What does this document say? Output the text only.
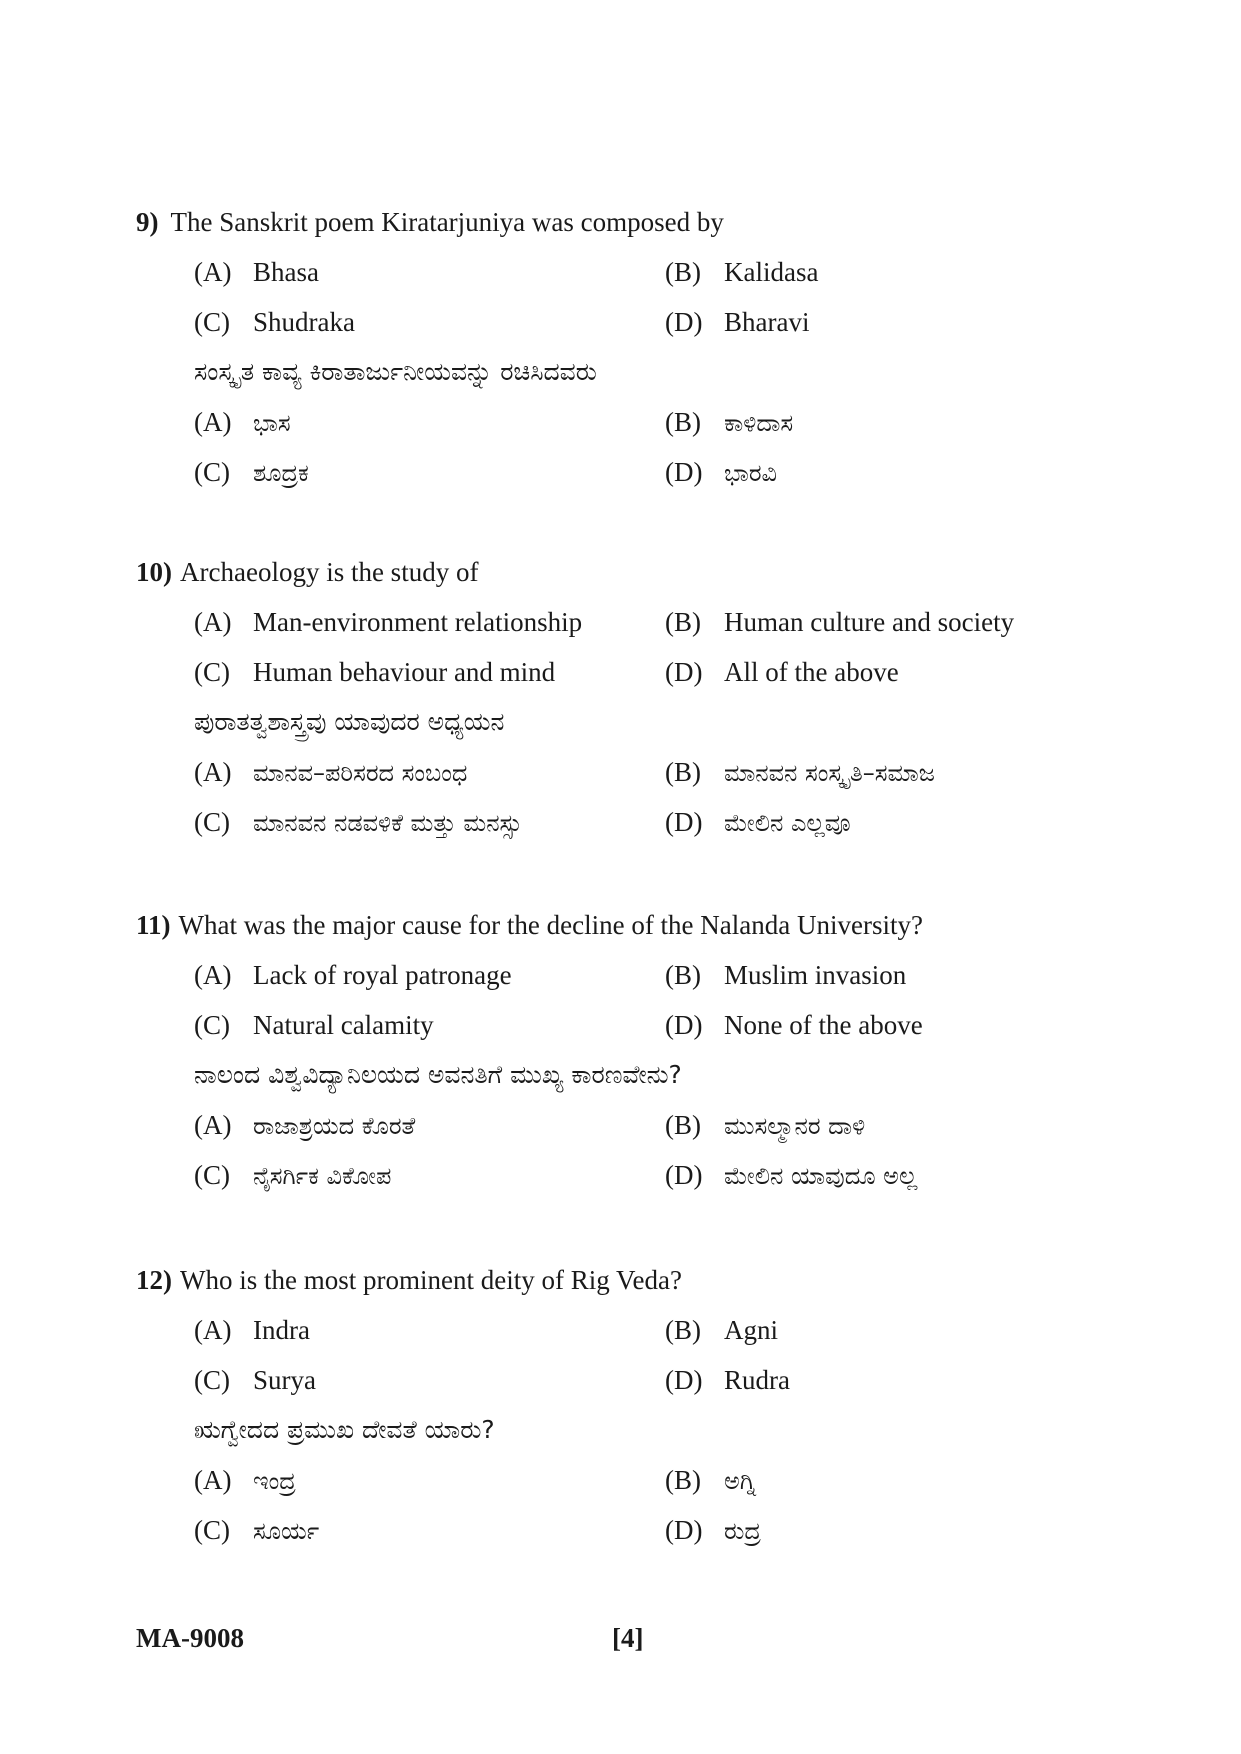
9) The Sanskrit poem Kiratarjuniya was composed by
(A) Bhasa	(B) Kalidasa
(C) Shudraka	(D) Bharavi
ಸಂಸ್ಕೃತ ಕಾವ್ಯ ಕಿರಾತಾರ್ಜುನೀಯವನ್ನು ರಚಿಸಿದವರು
(A) ಭಾಸ	(B) ಕಾಳಿದಾಸ
(C) ಶೂದ್ರಕ	(D) ಭಾರವಿ
10) Archaeology is the study of
(A) Man-environment relationship	(B) Human culture and society
(C) Human behaviour and mind	(D) All of the above
ಪುರಾತತ್ವಶಾಸ್ತ್ರವು ಯಾವುದರ ಅಧ್ಯಯನ
(A) ಮಾನವ–ಪರಿಸರದ ಸಂಬಂಧ	(B) ಮಾನವನ ಸಂಸ್ಕೃತಿ–ಸಮಾಜ
(C) ಮಾನವನ ನಡವಳಿಕೆ ಮತ್ತು ಮನಸ್ಸು	(D) ಮೇಲಿನ ಎಲ್ಲವೂ
11) What was the major cause for the decline of the Nalanda University?
(A) Lack of royal patronage	(B) Muslim invasion
(C) Natural calamity	(D) None of the above
ನಾಲಂದ ವಿಶ್ವವಿದ್ಯಾನಿಲಯದ ಅವನತಿಗೆ ಮುಖ್ಯ ಕಾರಣವೇನು?
(A) ರಾಜಾಶ್ರಯದ ಕೊರತೆ	(B) ಮುಸಲ್ಮಾನರ ದಾಳಿ
(C) ನೈಸರ್ಗಿಕ ವಿಕೋಪ	(D) ಮೇಲಿನ ಯಾವುದೂ ಅಲ್ಲ
12) Who is the most prominent deity of Rig Veda?
(A) Indra	(B) Agni
(C) Surya	(D) Rudra
ಋಗ್ವೇದದ ಪ್ರಮುಖ ದೇವತೆ ಯಾರು?
(A) ಇಂದ್ರ	(B) ಅಗ್ನಿ
(C) ಸೂರ್ಯ	(D) ರುದ್ರ
MA-9008	[4]
